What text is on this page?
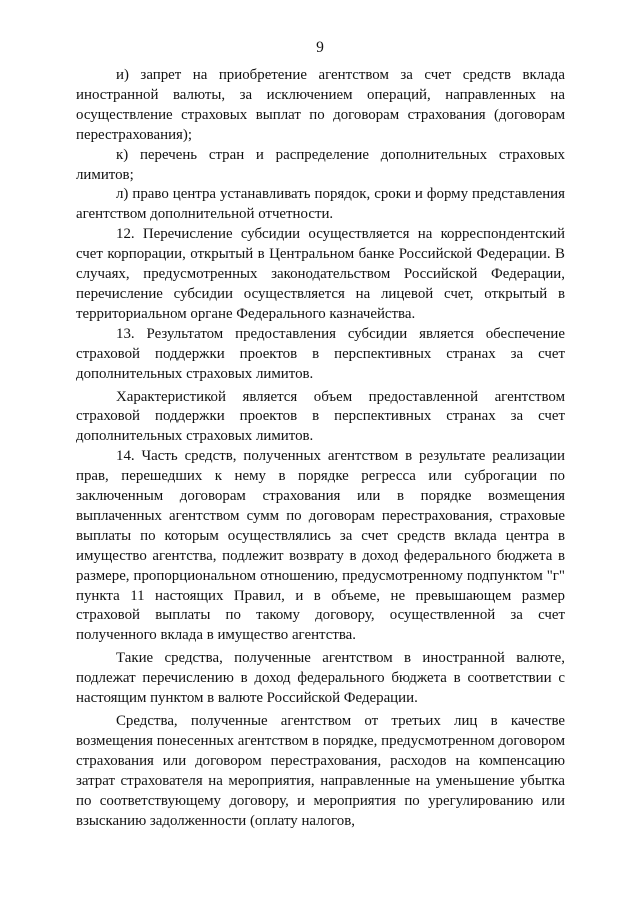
9

и) запрет на приобретение агентством за счет средств вклада иностранной валюты, за исключением операций, направленных на осуществление страховых выплат по договорам страхования (договорам перестрахования);

к) перечень стран и распределение дополнительных страховых лимитов;

л) право центра устанавливать порядок, сроки и форму представления агентством дополнительной отчетности.

12. Перечисление субсидии осуществляется на корреспондентский счет корпорации, открытый в Центральном банке Российской Федерации. В случаях, предусмотренных законодательством Российской Федерации, перечисление субсидии осуществляется на лицевой счет, открытый в территориальном органе Федерального казначейства.

13. Результатом предоставления субсидии является обеспечение страховой поддержки проектов в перспективных странах за счет дополнительных страховых лимитов.

Характеристикой является объем предоставленной агентством страховой поддержки проектов в перспективных странах за счет дополнительных страховых лимитов.

14. Часть средств, полученных агентством в результате реализации прав, перешедших к нему в порядке регресса или суброгации по заключенным договорам страхования или в порядке возмещения выплаченных агентством сумм по договорам перестрахования, страховые выплаты по которым осуществлялись за счет средств вклада центра в имущество агентства, подлежит возврату в доход федерального бюджета в размере, пропорциональном отношению, предусмотренному подпунктом "г" пункта 11 настоящих Правил, и в объеме, не превышающем размер страховой выплаты по такому договору, осуществленной за счет полученного вклада в имущество агентства.

Такие средства, полученные агентством в иностранной валюте, подлежат перечислению в доход федерального бюджета в соответствии с настоящим пунктом в валюте Российской Федерации.

Средства, полученные агентством от третьих лиц в качестве возмещения понесенных агентством в порядке, предусмотренном договором страхования или договором перестрахования, расходов на компенсацию затрат страхователя на мероприятия, направленные на уменьшение убытка по соответствующему договору, и мероприятия по урегулированию или взысканию задолженности (оплату налогов,
